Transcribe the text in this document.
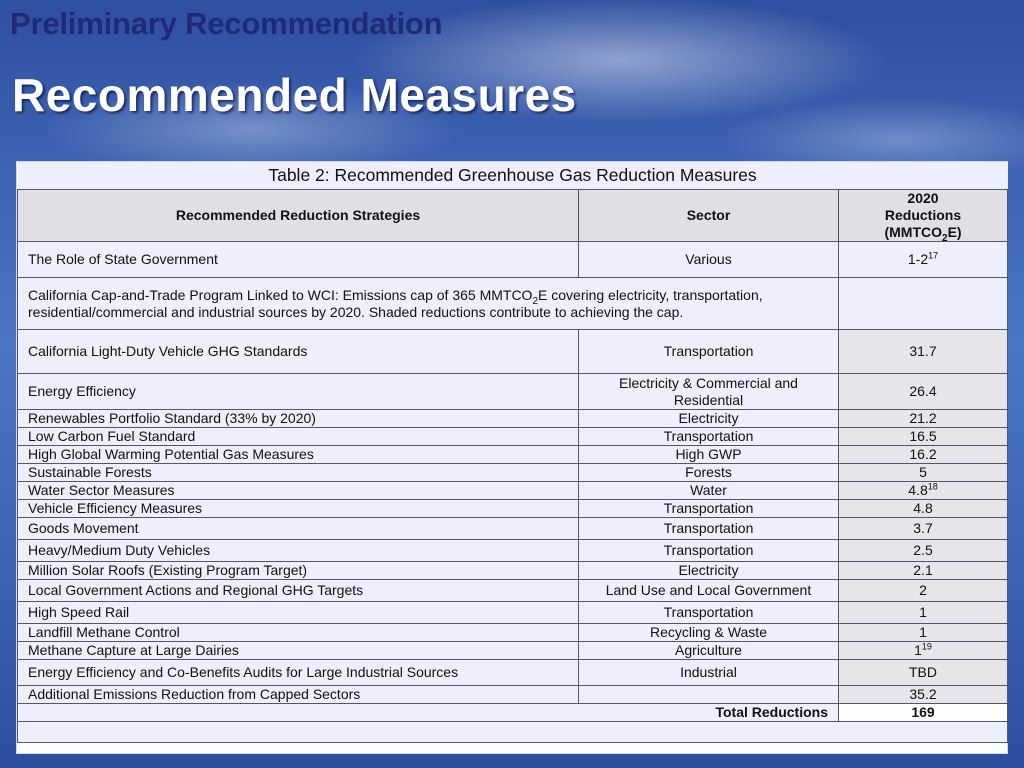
Preliminary Recommendation
Recommended Measures
Table 2: Recommended Greenhouse Gas Reduction Measures		
Recommended Reduction Strategies	Sector	2020
Reductions
$(MMTCO_2E)$
The Role of State Government	Various	$1-2^{17}$
California Cap-and-Trade Program Linked to WCI: Emissions cap of 365 $MMTCO_2E$ covering electricity, transportation, residential/commercial and industrial sources by 2020. Shaded reductions contribute to achieving the cap.		
California Light-Duty Vehicle GHG Standards	Transportation	31.7
Energy Efficiency	Electricity & Commercial and Residential	26.4
Renewables Portfolio Standard (33% by 2020)	Electricity	21.2
Low Carbon Fuel Standard	Transportation	16.5
High Global Warming Potential Gas Measures	High GWP	16.2
Sustainable Forests	Forests	5
Water Sector Measures	Water	$4.8^{18}$
Vehicle Efficiency Measures	Transportation	4.8
Goods Movement	Transportation	3.7
Heavy/Medium Duty Vehicles	Transportation	2.5
Million Solar Roofs (Existing Program Target)	Electricity	2.1
Local Government Actions and Regional GHG Targets	Land Use and Local Government	2
High Speed Rail	Transportation	1
Landfill Methane Control	Recycling & Waste	1
Methane Capture at Large Dairies	Agriculture	$1^{19}$
Energy Efficiency and Co-Benefits Audits for Large Industrial Sources	Industrial	TBD
Additional Emissions Reduction from Capped Sectors		35.2
Total Reductions		169
